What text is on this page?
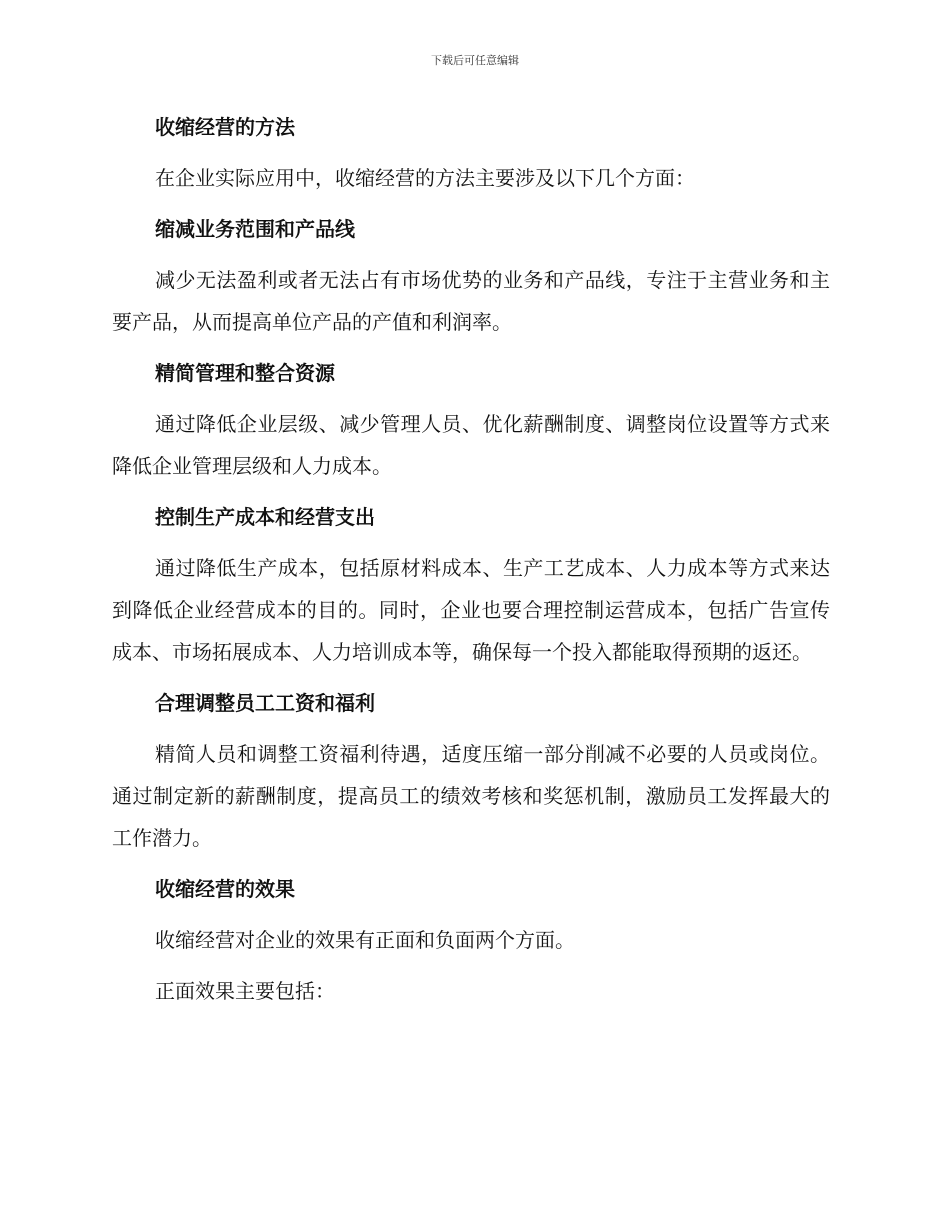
下载后可任意编辑
收缩经营的方法
在企业实际应用中，收缩经营的方法主要涉及以下几个方面：
缩减业务范围和产品线
减少无法盈利或者无法占有市场优势的业务和产品线，专注于主营业务和主要产品，从而提高单位产品的产值和利润率。
精简管理和整合资源
通过降低企业层级、减少管理人员、优化薪酬制度、调整岗位设置等方式来降低企业管理层级和人力成本。
控制生产成本和经营支出
通过降低生产成本，包括原材料成本、生产工艺成本、人力成本等方式来达到降低企业经营成本的目的。同时，企业也要合理控制运营成本，包括广告宣传成本、市场拓展成本、人力培训成本等，确保每一个投入都能取得预期的返还。
合理调整员工工资和福利
精简人员和调整工资福利待遇，适度压缩一部分削减不必要的人员或岗位。通过制定新的薪酬制度，提高员工的绩效考核和奖惩机制，激励员工发挥最大的工作潜力。
收缩经营的效果
收缩经营对企业的效果有正面和负面两个方面。
正面效果主要包括：
